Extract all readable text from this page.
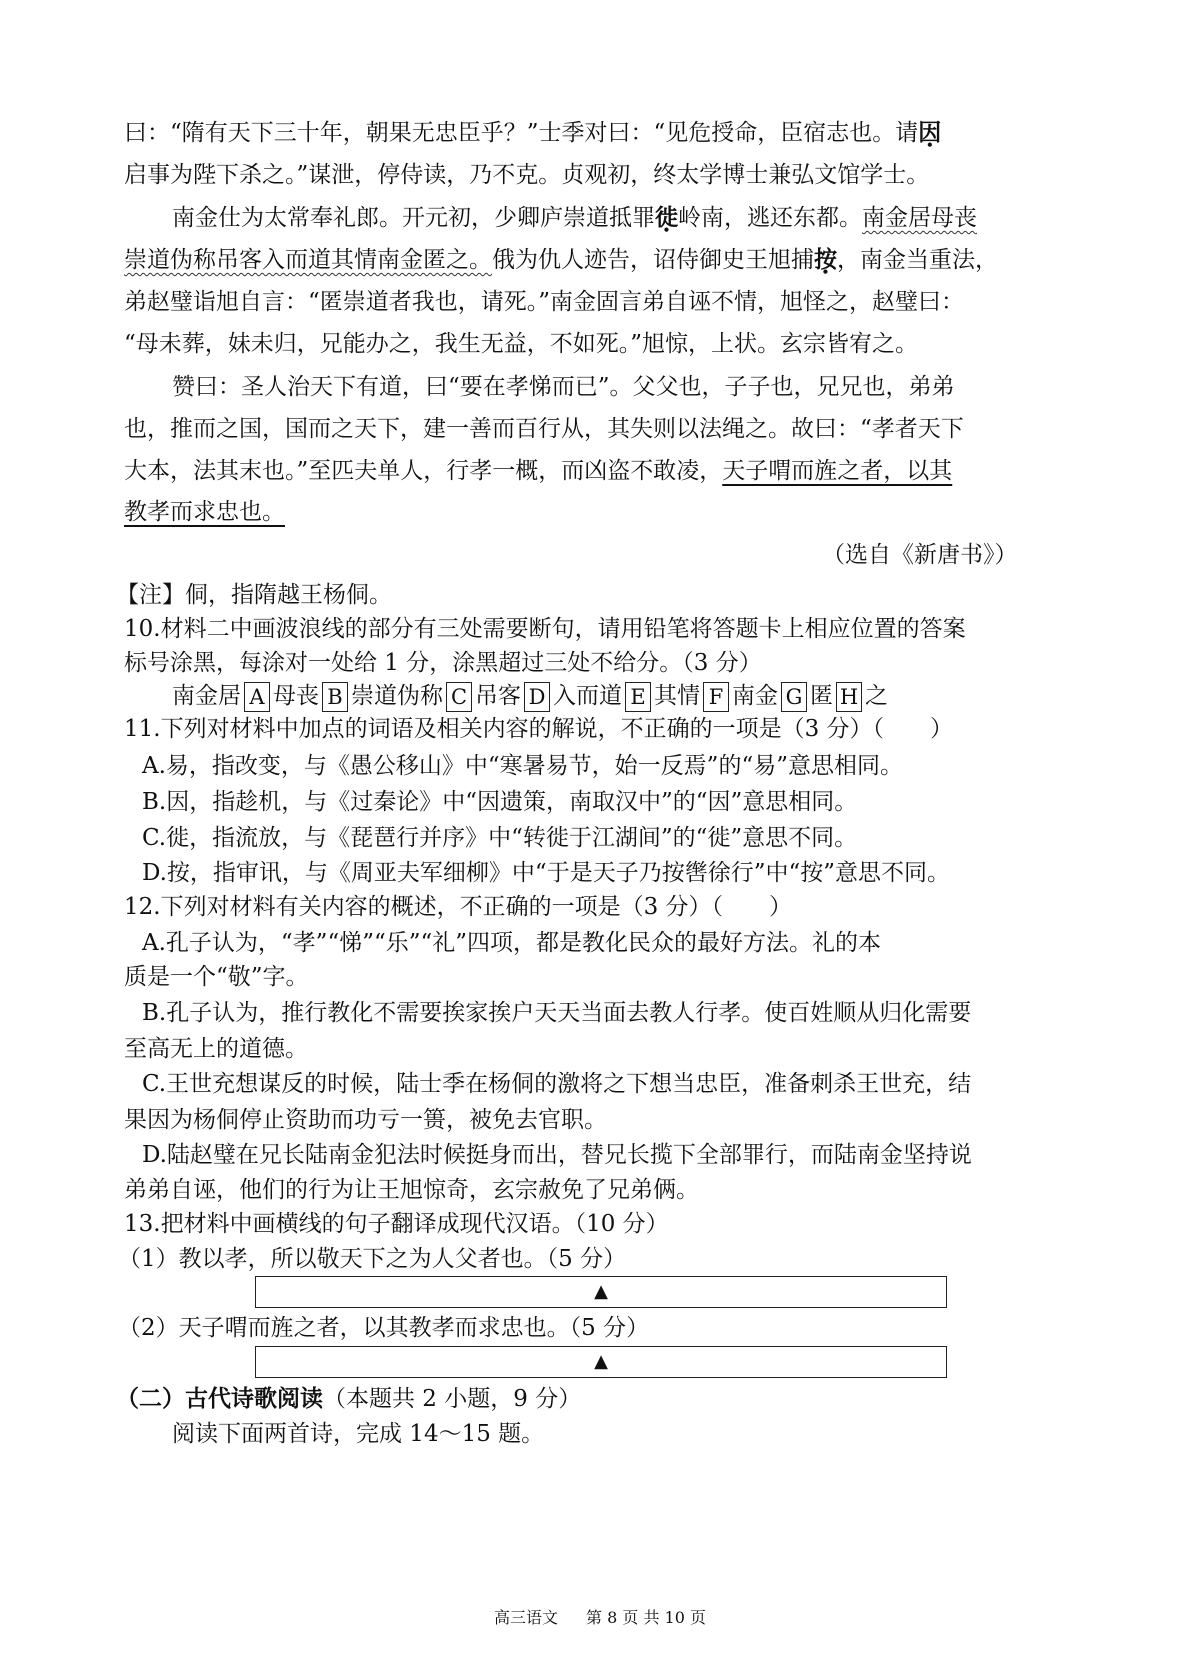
曰：“隋有天下三十年，朝果无忠臣乎？”士季对曰：“见危授命，臣宿志也。请因
启事为陛下杀之。”谋泄，停侍读，乃不克。贞观初，终太学博士兼弘文馆学士。
南金仕为太常奉礼郎。开元初，少卿庐崇道抵罪徙岭南，逃还东都。南金居母丧
崇道伪称吊客入而道其情南金匿之。俄为仇人迹告，诏侍御史王旭捕按，南金当重法，
弟赵璧诣旭自言：“匿崇道者我也，请死。”南金固言弟自诬不情，旭怪之，赵璧曰：
“母未葬，妹未归，兄能办之，我生无益，不如死。”旭惊，上状。玄宗皆宥之。
赞曰：圣人治天下有道，曰“要在孝悌而已”。父父也，子子也，兄兄也，弟弟
也，推而之国，国而之天下，建一善而百行从，其失则以法绳之。故曰：“孝者天下
大本，法其末也。”至匹夫单人，行孝一概，而凶盗不敢凌，天子喟而旌之者，以其
教孝而求忠也。
（选自《新唐书》）
【注】侗，指隋越王杨侗。
10.材料二中画波浪线的部分有三处需要断句，请用铅笔将答题卡上相应位置的答案
标号涂黑，每涂对一处给 1 分，涂黑超过三处不给分。（3 分）
南金居 A 母丧 B 崇道伪称 C 吊客 D 入而道 E 其情 F 南金 G 匿 H 之
11.下列对材料中加点的词语及相关内容的解说，不正确的一项是（3 分）（　　）
A.易，指改变，与《愚公移山》中“寒暑易节，始一反焉”的“易”意思相同。
B.因，指趁机，与《过秦论》中“因遗策，南取汉中”的“因”意思相同。
C.徙，指流放，与《琵琶行并序》中“转徙于江湖间”的“徙”意思不同。
D.按，指审讯，与《周亚夫军细柳》中“于是天子乃按辔徐行”中“按”意思不同。
12.下列对材料有关内容的概述，不正确的一项是（3 分）（　　）
A.孔子认为，“孝”“悌”“乐”“礼”四项，都是教化民众的最好方法。礼的本
质是一个“敬”字。
B.孔子认为，推行教化不需要挨家挨户天天当面去教人行孝。使百姓顺从归化需要
至高无上的道德。
C.王世充想谋反的时候，陆士季在杨侗的激将之下想当忠臣，准备刺杀王世充，结
果因为杨侗停止资助而功亏一篑，被免去官职。
D.陆赵璧在兄长陆南金犯法时候挺身而出，替兄长揽下全部罪行，而陆南金坚持说
弟弟自诬，他们的行为让王旭惊奇，玄宗赦免了兄弟俩。
13.把材料中画横线的句子翻译成现代汉语。（10 分）
（1）教以孝，所以敬天下之为人父者也。（5 分）
▲
（2）天子喟而旌之者，以其教孝而求忠也。（5 分）
▲
（二）古代诗歌阅读（本题共 2 小题，9 分）
阅读下面两首诗，完成 14～15 题。
高三语文 第 8 页 共 10 页
